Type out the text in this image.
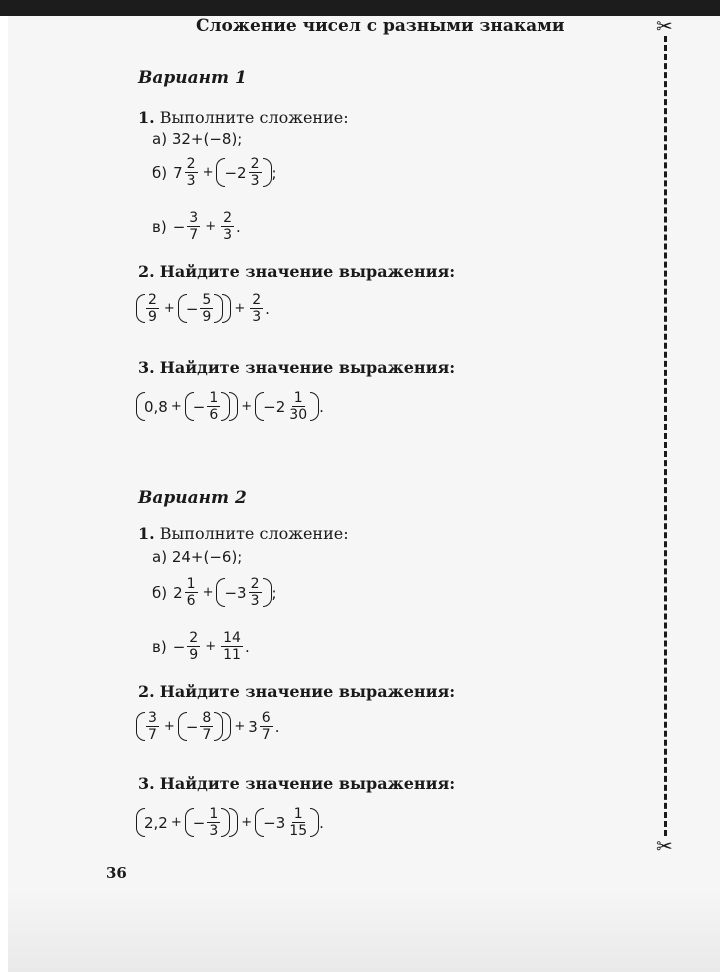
Сложение чисел с разными знаками	✂
✂
Вариант 1
1. Выполните сложение:
а) 32+(−8);
б) $7 \frac{2}{3} + -2 \frac{2}{3}$ ;
$в) - \frac{3}{7} + \frac{2}{3}$ .
2. Найдите значение выражения:
$\frac{2}{9}$ + − $\frac{5}{9} + \frac{2}{3}$ .
3. Найдите значение выражения:
0,8 + − $\frac{1}{6} + -2 \frac{1}{30}$ .
Вариант 2
1. Выполните сложение:
а) 24+(−6);
б) $2 \frac{1}{6} + -3 \frac{2}{3}$ ;
$в) - \frac{2}{9} + \frac{14}{11}$ .
2. Найдите значение выражения:
$\frac{3}{7}$ + − $\frac{8}{7} + 3 \frac{6}{7}$ .
3. Найдите значение выражения:
2,2 + − $\frac{1}{3} + -3 \frac{1}{15}$ .
36
